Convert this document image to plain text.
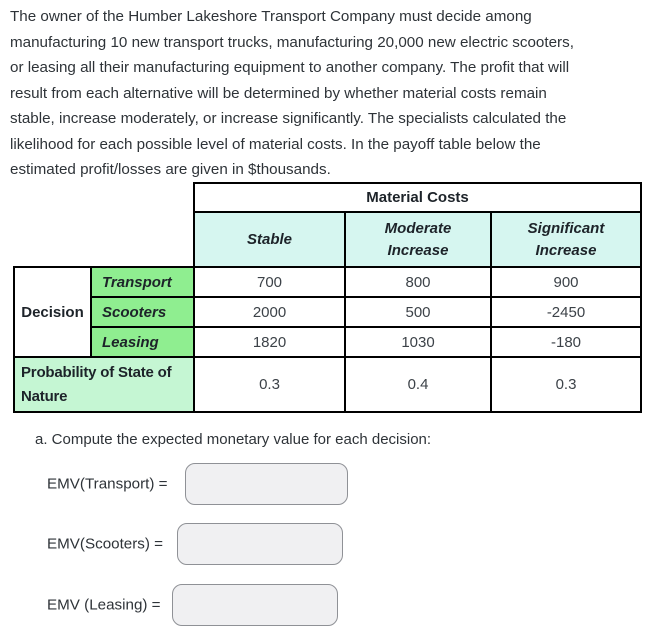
The owner of the Humber Lakeshore Transport Company must decide among
manufacturing 10 new transport trucks, manufacturing 20,000 new electric scooters,
or leasing all their manufacturing equipment to another company. The profit that will
result from each alternative will be determined by whether material costs remain
stable, increase moderately, or increase significantly. The specialists calculated the
likelihood for each possible level of material costs. In the payoff table below the
estimated profit/losses are given in $thousands.
		Material Costs		
		Stable	Moderate Increase	Significant Increase
Decision	Transport	700	800	900
	Scooters	2000	500	-2450
	Leasing	1820	1030	-180
Probability of State of Nature		0.3	0.4	0.3
a. Compute the expected monetary value for each decision:
EMV(Transport) =
EMV(Scooters) =
EMV (Leasing) =
